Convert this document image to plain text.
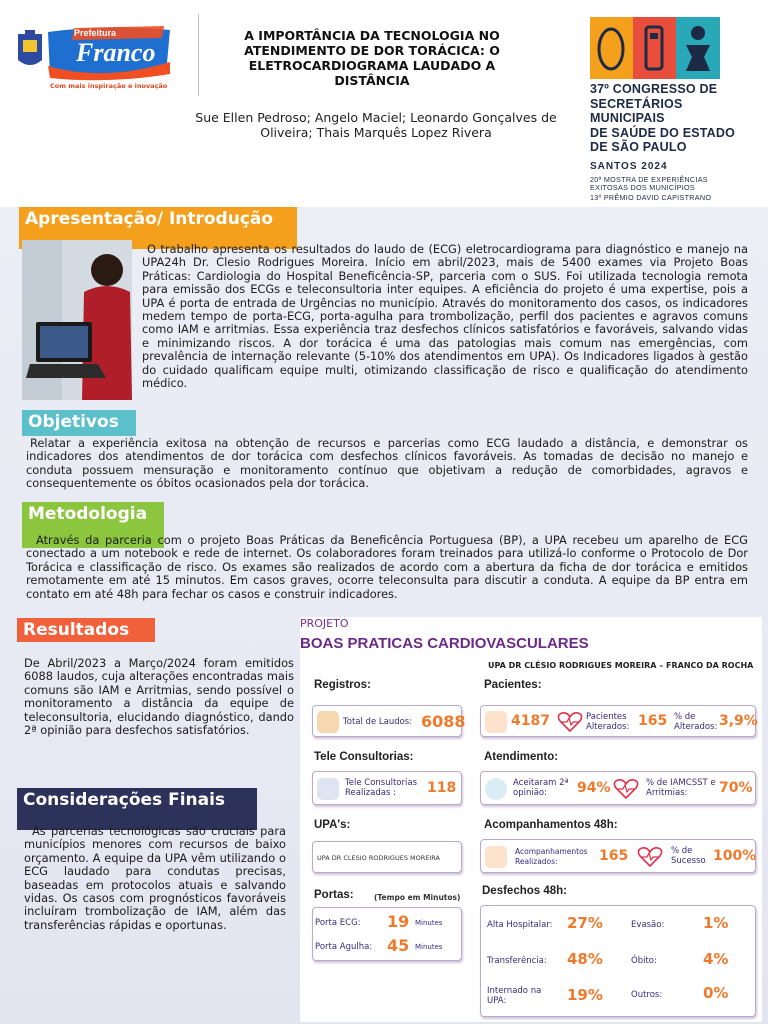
Prefeitura
Franco
Com mais inspiração e inovação
A IMPORTÂNCIA DA TECNOLOGIA NO ATENDIMENTO DE DOR TORÁCICA: O ELETROCARDIOGRAMA LAUDADO A DISTÂNCIA
Sue Ellen Pedroso; Angelo Maciel; Leonardo Gonçalves de Oliveira; Thais Marquês Lopez Rivera
37º CONGRESSO DE
SECRETÁRIOS MUNICIPAIS
DE SAÚDE DO ESTADO
DE SÃO PAULO
SANTOS 2024
20ª MOSTRA DE EXPERIÊNCIAS
EXITOSAS DOS MUNICÍPIOS
13º PRÊMIO DAVID CAPISTRANO
Apresentação/ Introdução
O trabalho apresenta os resultados do laudo de (ECG) eletrocardiograma para diagnóstico e manejo na UPA24h Dr. Clesio Rodrigues Moreira. Início em abril/2023, mais de 5400 exames via Projeto Boas Práticas: Cardiologia do Hospital Beneficência-SP, parceria com o SUS. Foi utilizada tecnologia remota para emissão dos ECGs e teleconsultoria inter equipes. A eficiência do projeto é uma expertise, pois a UPA é porta de entrada de Urgências no município. Através do monitoramento dos casos, os indicadores medem tempo de porta-ECG, porta-agulha para trombolização, perfil dos pacientes e agravos comuns como IAM e arritmias. Essa experiência traz desfechos clínicos satisfatórios e favoráveis, salvando vidas e minimizando riscos. A dor torácica é uma das patologias mais comum nas emergências, com prevalência de internação relevante (5-10% dos atendimentos em UPA). Os Indicadores ligados à gestão do cuidado qualificam equipe multi, otimizando classificação de risco e qualificação do atendimento médico.
Objetivos
Relatar a experiência exitosa na obtenção de recursos e parcerias como ECG laudado a distância, e demonstrar os indicadores dos atendimentos de dor torácica com desfechos clínicos favoráveis. As tomadas de decisão no manejo e conduta possuem mensuração e monitoramento contínuo que objetivam a redução de comorbidades, agravos e consequentemente os óbitos ocasionados pela dor torácica.
Metodologia
Através da parceria com o projeto Boas Práticas da Beneficência Portuguesa (BP), a UPA recebeu um aparelho de ECG conectado a um notebook e rede de internet. Os colaboradores foram treinados para utilizá-lo conforme o Protocolo de Dor Torácica e classificação de risco. Os exames são realizados de acordo com a abertura da ficha de dor torácica e emitidos remotamente em até 15 minutos. Em casos graves, ocorre teleconsulta para discutir a conduta. A equipe da BP entra em contato em até 48h para fechar os casos e construir indicadores.
Resultados
De Abril/2023 a Março/2024 foram emitidos 6088 laudos, cuja alterações encontradas mais comuns são IAM e Arritmias, sendo possível o monitoramento a distância da equipe de teleconsultoria, elucidando diagnóstico, dando 2ª opinião para desfechos satisfatórios.
Considerações Finais
As parcerias tecnológicas são cruciais para municípios menores com recursos de baixo orçamento. A equipe da UPA vêm utilizando o ECG laudado para condutas precisas, baseadas em protocolos atuais e salvando vidas. Os casos com prognósticos favoráveis incluíram trombolização de IAM, além das transferências rápidas e oportunas.
PROJETO
BOAS PRATICAS CARDIOVASCULARES
UPA DR CLÉSIO RODRIGUES MOREIRA – FRANCO DA ROCHA
Registros:
Total de Laudos: 6088
Pacientes:
4187	Pacientes Alterados: 165 % de Alterados: 3,9%
Tele Consultorias:
Tele Consultorias Realizadas :	118
Atendimento:
Aceitaram 2ª opinião:	94%	% de IAMCSST e Arritmias:	70%
UPA's:
UPA DR CLESIO RODRIGUES MOREIRA
Acompanhamentos 48h:
Acompanhamentos Realizados:	165	% de Sucesso 100%
Portas:	(Tempo em Minutos)
Porta ECG: 19 Minutes
Porta Agulha: 45 Minutes
Desfechos 48h:
Alta Hospitalar: 27%	Evasão:	1%
Transferência: 48%	Óbito:	4%
Internado na UPA:	19%	Outros:	0%
